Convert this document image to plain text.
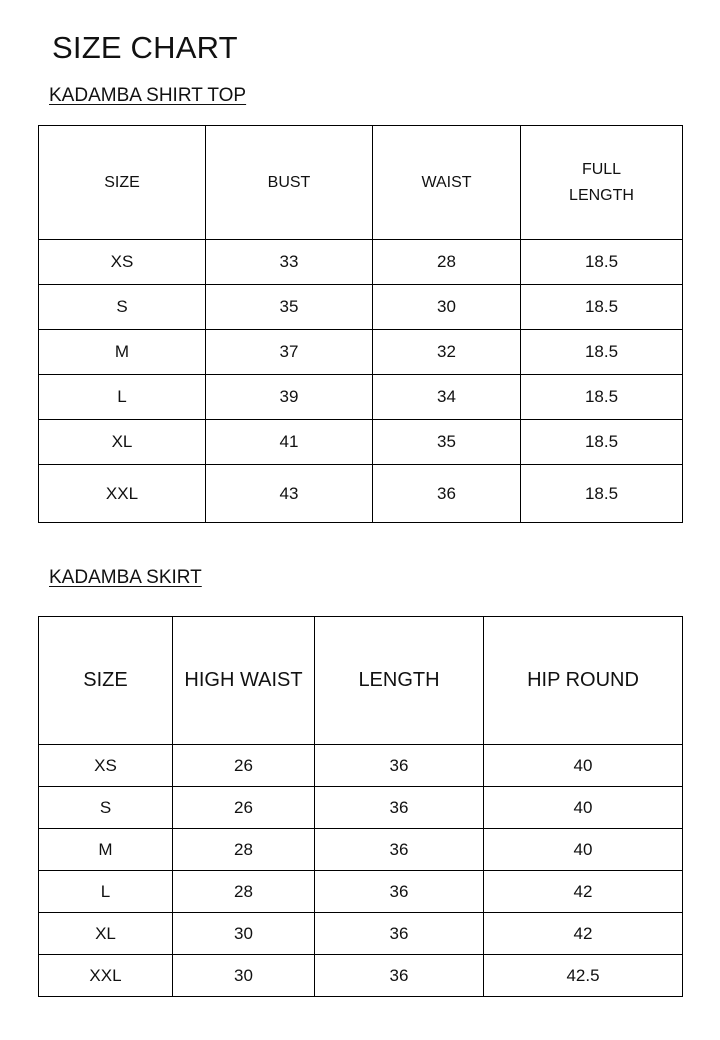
SIZE CHART
KADAMBA SHIRT TOP
SIZE	BUST	WAIST	FULL
LENGTH

XS	33	28	18.5
S	35	30	18.5
M	37	32	18.5
L	39	34	18.5
XL	41	35	18.5
XXL	43	36	18.5
KADAMBA SKIRT
SIZE	HIGH WAIST	LENGTH	HIP ROUND
XS	26	36	40
S	26	36	40
M	28	36	40
L	28	36	42
XL	30	36	42
XXL	30	36	42.5
